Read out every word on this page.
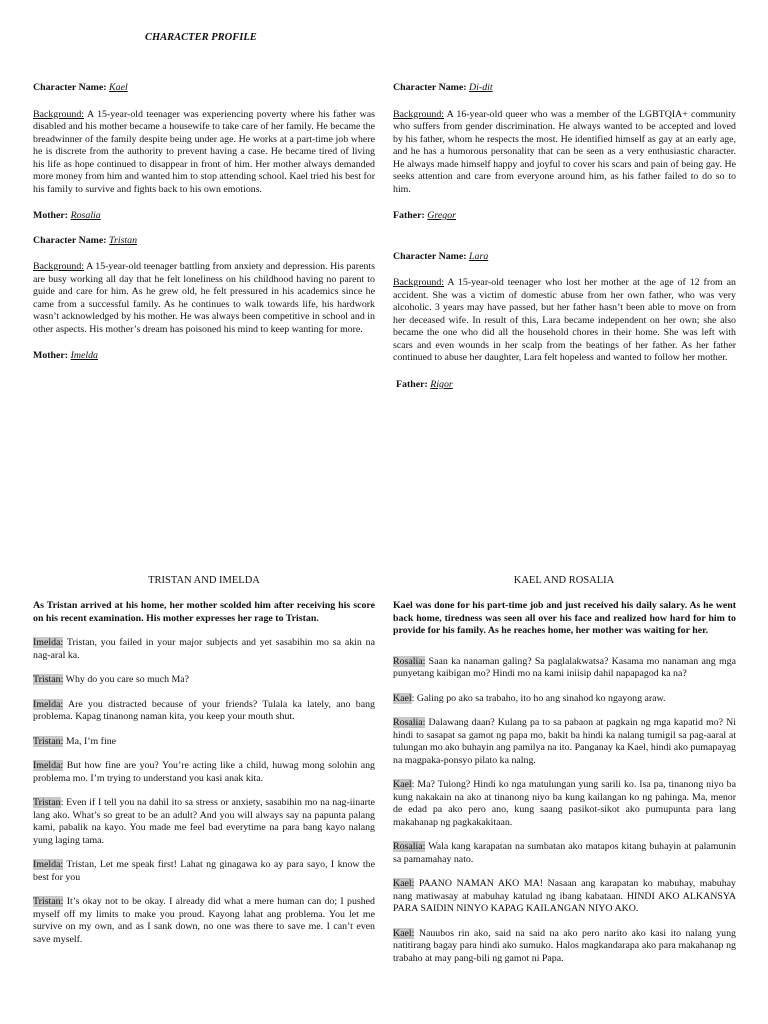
CHARACTER PROFILE

Character Name: Kael

Background: A 15-year-old teenager was experiencing poverty where his father was disabled and his mother became a housewife to take care of her family. He became the breadwinner of the family despite being under age. He works at a part-time job where he is discrete from the authority to prevent having a case. He became tired of living his life as hope continued to disappear in front of him. Her mother always demanded more money from him and wanted him to stop attending school. Kael tried his best for his family to survive and fights back to his own emotions.

Mother: Rosalia

Character Name: Tristan

Background: A 15-year-old teenager battling from anxiety and depression. His parents are busy working all day that he felt loneliness on his childhood having no parent to guide and care for him. As he grew old, he felt pressured in his academics since he came from a successful family. As he continues to walk towards life, his hardwork wasn’t acknowledged by his mother. He was always been competitive in school and in other aspects. His mother’s dream has poisoned his mind to keep wanting for more.

Mother: Imelda

Character Name: Di-dit

Background: A 16-year-old queer who was a member of the LGBTQIA+ community who suffers from gender discrimination. He always wanted to be accepted and loved by his father, whom he respects the most. He identified himself as gay at an early age, and he has a humorous personality that can be seen as a very enthusiastic character. He always made himself happy and joyful to cover his scars and pain of being gay. He seeks attention and care from everyone around him, as his father failed to do so to him.

Father: Gregor

Character Name: Lara

Background: A 15-year-old teenager who lost her mother at the age of 12 from an accident. She was a victim of domestic abuse from her own father, who was very alcoholic. 3 years may have passed, but her father hasn’t been able to move on from her deceased wife. In result of this, Lara became independent on her own; she also became the one who did all the household chores in their home. She was left with scars and even wounds in her scalp from the beatings of her father. As her father continued to abuse her daughter, Lara felt hopeless and wanted to follow her mother.

Father: Rigor

TRISTAN AND IMELDA	KAEL AND ROSALIA

As Tristan arrived at his home, her mother scolded him after receiving his score on his recent examination. His mother expresses her rage to Tristan.

Imelda: Tristan, you failed in your major subjects and yet sasabihin mo sa akin na nag-aral ka.

Tristan: Why do you care so much Ma?

Imelda: Are you distracted because of your friends? Tulala ka lately, ano bang problema. Kapag tinanong naman kita, you keep your mouth shut.

Tristan: Ma, I’m fine

Imelda: But how fine are you? You’re acting like a child, huwag mong solohin ang problema mo. I’m trying to understand you kasi anak kita.

Tristan: Even if I tell you na dahil ito sa stress or anxiety, sasabihin mo na nag-iinarte lang ako. What’s so great to be an adult? And you will always say na papunta palang kami, pabalik na kayo. You made me feel bad everytime na para bang kayo nalang yung laging tama.

Imelda: Tristan, Let me speak first! Lahat ng ginagawa ko ay para sayo, I know the best for you

Tristan: It’s okay not to be okay. I already did what a mere human can do; I pushed myself off my limits to make you proud. Kayong lahat ang problema. You let me survive on my own, and as I sank down, no one was there to save me. I can’t even save myself.

Kael was done for his part-time job and just received his daily salary. As he went back home, tiredness was seen all over his face and realized how hard for him to provide for his family. As he reaches home, her mother was waiting for her.

Rosalia: Saan ka nanaman galing? Sa paglalakwatsa? Kasama mo nanaman ang mga punyetang kaibigan mo? Hindi mo na kami iniisip dahil napapagod ka na?

Kael: Galing po ako sa trabaho, ito ho ang sinahod ko ngayong araw.

Rosalia: Dalawang daan? Kulang pa to sa pabaon at pagkain ng mga kapatid mo? Ni hindi to sasapat sa gamot ng papa mo, bakit ba hindi ka nalang tumigil sa pag-aaral at tulungan mo ako buhayin ang pamilya na ito. Panganay ka Kael, hindi ako pumapayag na magpaka-ponsyo pilato ka nalng.

Kael: Ma? Tulong? Hindi ko nga matulungan yung sarili ko. Isa pa, tinanong niyo ba kung nakakain na ako at tinanong niyo ba kung kailangan ko ng pahinga. Ma, menor de edad pa ako pero ano, kung saang pasikot-sikot ako pumupunta para lang makahanap ng pagkakakitaan.

Rosalia: Wala kang karapatan na sumbatan ako matapos kitang buhayin at palamunin sa pamamahay nato.

Kael: PAANO NAMAN AKO MA! Nasaan ang karapatan ko mabuhay, mabuhay nang matiwasay at mabuhay katulad ng ibang kabataan. HINDI AKO ALKANSYA PARA SAIDIN NINYO KAPAG KAILANGAN NIYO AKO.

Kael: Nauubos rin ako, said na said na ako pero narito ako kasi ito nalang yung natitirang bagay para hindi ako sumuko. Halos magkandarapa ako para makahanap ng trabaho at may pang-bili ng gamot ni Papa.
